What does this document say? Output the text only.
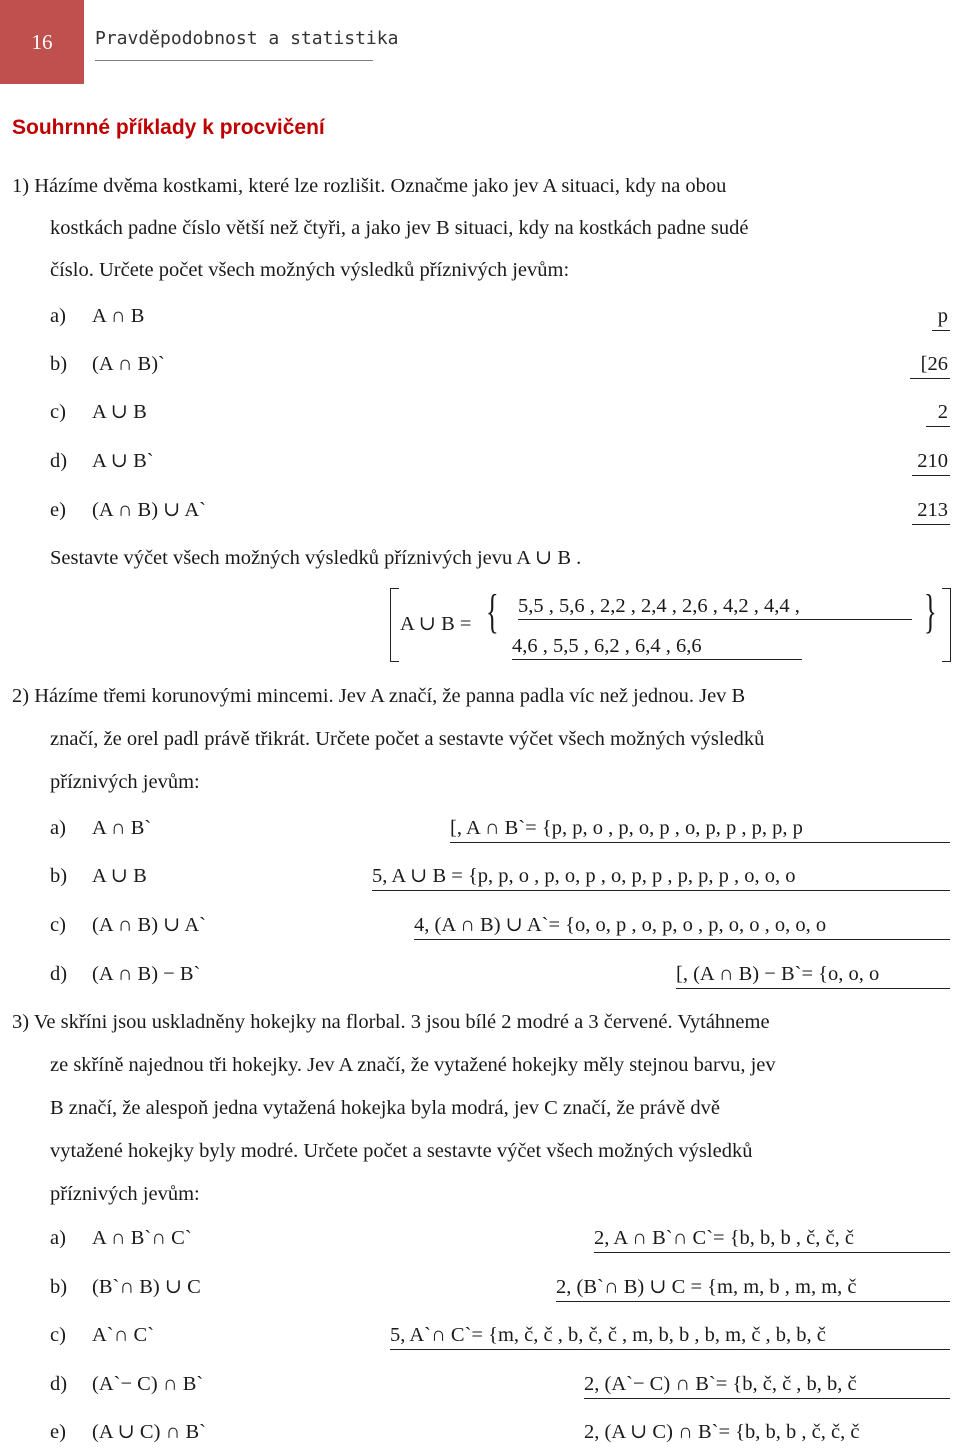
16 Pravděpodobnost a statistika
Souhrnné příklady k procvičení
1) Házíme dvěma kostkami, které lze rozlišit. Označme jako jev A situaci, kdy na obou
kostkách padne číslo větší než čtyři, a jako jev B situaci, kdy na kostkách padne sudé
číslo. Určete počet všech možných výsledků příznivých jevům:
a) A ∩ B	p
b) (A ∩ B)`	[26
c) A ∪ B	2
d) A ∪ B`	210
e) (A ∩ B) ∪ A`	213
Sestavte výčet všech možných výsledků příznivých jevu A ∪ B .
A ∪ B = {	}
5,5 , 5,6 , 2,2 , 2,4 , 2,6 , 4,2 , 4,4 ,
4,6 , 5,5 , 6,2 , 6,4 , 6,6
2) Házíme třemi korunovými mincemi. Jev A značí, že panna padla víc než jednou. Jev B
značí, že orel padl právě třikrát. Určete počet a sestavte výčet všech možných výsledků
příznivých jevům:
a) A ∩ B`	[, A ∩ B`= {p, p, o , p, o, p , o, p, p , p, p, p
b) A ∪ B	5, A ∪ B = {p, p, o , p, o, p , o, p, p , p, p, p , o, o, o
c) (A ∩ B) ∪ A`	4, (A ∩ B) ∪ A`= {o, o, p , o, p, o , p, o, o , o, o, o
d) (A ∩ B) − B`	[, (A ∩ B) − B`= {o, o, o
3) Ve skříni jsou uskladněny hokejky na florbal. 3 jsou bílé 2 modré a 3 červené. Vytáhneme
ze skříně najednou tři hokejky. Jev A značí, že vytažené hokejky měly stejnou barvu, jev
B značí, že alespoň jedna vytažená hokejka byla modrá, jev C značí, že právě dvě
vytažené hokejky byly modré. Určete počet a sestavte výčet všech možných výsledků
příznivých jevům:
a) A ∩ B`∩ C`	2, A ∩ B`∩ C`= {b, b, b , č, č, č
b) (B`∩ B) ∪ C	2, (B`∩ B) ∪ C = {m, m, b , m, m, č
c) A`∩ C`	5, A`∩ C`= {m, č, č , b, č, č , m, b, b , b, m, č , b, b, č
d) (A`− C) ∩ B`	2, (A`− C) ∩ B`= {b, č, č , b, b, č
e) (A ∪ C) ∩ B`	2, (A ∪ C) ∩ B`= {b, b, b , č, č, č
